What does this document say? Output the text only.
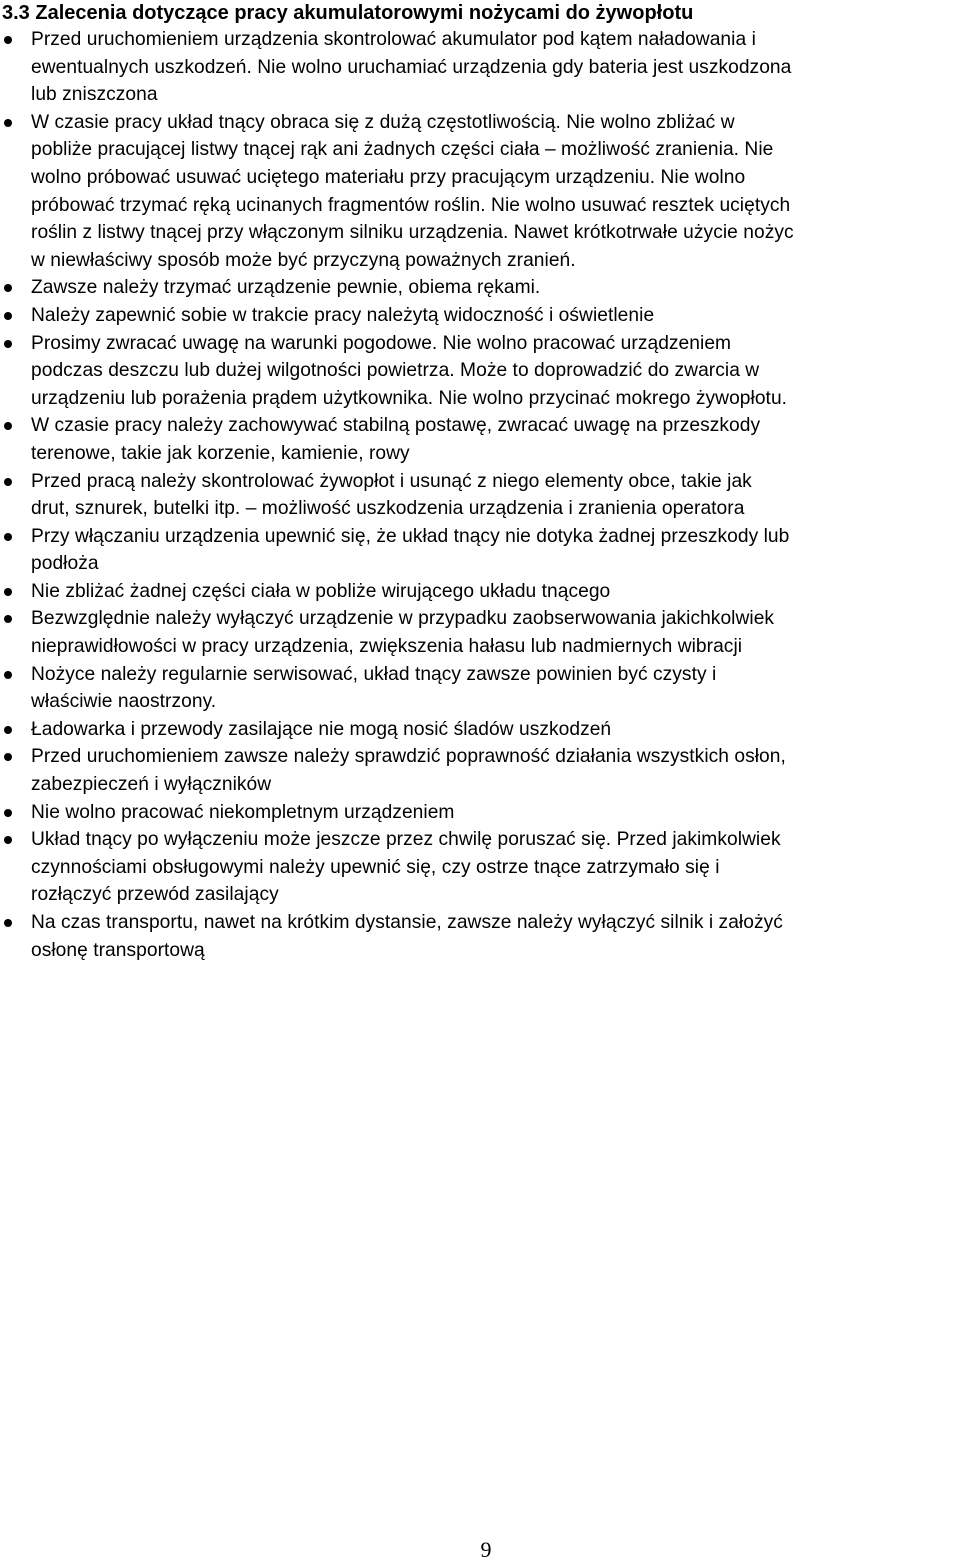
3.3 Zalecenia dotyczące pracy akumulatorowymi nożycami do żywopłotu
Przed uruchomieniem urządzenia skontrolować akumulator pod kątem naładowania i
ewentualnych uszkodzeń. Nie wolno uruchamiać urządzenia gdy bateria jest uszkodzona
lub zniszczona
W czasie pracy układ tnący obraca się z dużą częstotliwością. Nie wolno zbliżać w
pobliże pracującej listwy tnącej rąk ani żadnych części ciała – możliwość zranienia. Nie
wolno próbować usuwać uciętego materiału przy pracującym urządzeniu. Nie wolno
próbować trzymać ręką ucinanych fragmentów roślin. Nie wolno usuwać resztek uciętych
roślin z listwy tnącej przy włączonym silniku urządzenia. Nawet krótkotrwałe użycie nożyc
w niewłaściwy sposób może być przyczyną poważnych zranień.
Zawsze należy trzymać urządzenie pewnie, obiema rękami.
Należy zapewnić sobie w trakcie pracy należytą widoczność i oświetlenie
Prosimy zwracać uwagę na warunki pogodowe. Nie wolno pracować urządzeniem
podczas deszczu lub dużej wilgotności powietrza. Może to doprowadzić do zwarcia w
urządzeniu lub porażenia prądem użytkownika. Nie wolno przycinać mokrego żywopłotu.
W czasie pracy należy zachowywać stabilną postawę, zwracać uwagę na przeszkody
terenowe, takie jak korzenie, kamienie, rowy
Przed pracą należy skontrolować żywopłot i usunąć z niego elementy obce, takie jak
drut, sznurek, butelki itp. – możliwość uszkodzenia urządzenia i zranienia operatora
Przy włączaniu urządzenia upewnić się, że układ tnący nie dotyka żadnej przeszkody lub
podłoża
Nie zbliżać żadnej części ciała w pobliże wirującego układu tnącego
Bezwzględnie należy wyłączyć urządzenie w przypadku zaobserwowania jakichkolwiek
nieprawidłowości w pracy urządzenia, zwiększenia hałasu lub nadmiernych wibracji
Nożyce należy regularnie serwisować, układ tnący zawsze powinien być czysty i
właściwie naostrzony.
Ładowarka i przewody zasilające nie mogą nosić śladów uszkodzeń
Przed uruchomieniem zawsze należy sprawdzić poprawność działania wszystkich osłon,
zabezpieczeń i wyłączników
Nie wolno pracować niekompletnym urządzeniem
Układ tnący po wyłączeniu może jeszcze przez chwilę poruszać się. Przed jakimkolwiek
czynnościami obsługowymi należy upewnić się, czy ostrze tnące zatrzymało się i
rozłączyć przewód zasilający
Na czas transportu, nawet na krótkim dystansie, zawsze należy wyłączyć silnik i założyć
osłonę transportową
9
